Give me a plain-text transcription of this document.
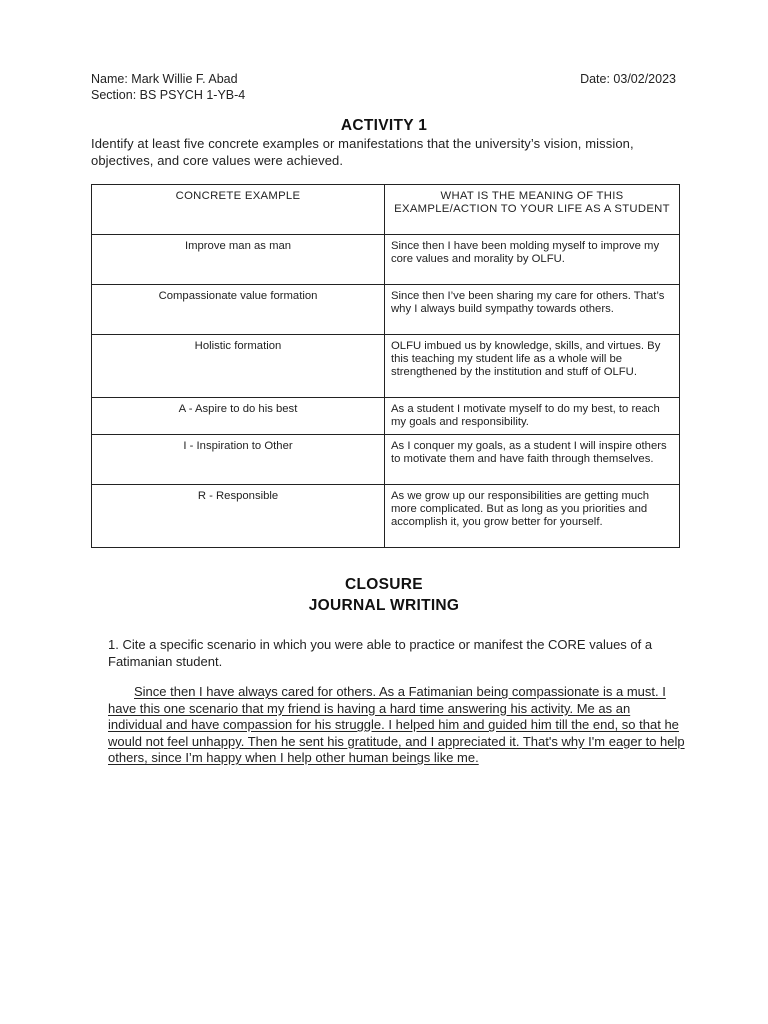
Name: Mark Willie F. Abad
Section: BS PSYCH 1-YB-4
Date: 03/02/2023
ACTIVITY 1
Identify at least five concrete examples or manifestations that the university’s vision, mission, objectives, and core values were achieved.
CONCRETE EXAMPLE	WHAT IS THE MEANING OF THIS EXAMPLE/ACTION TO YOUR LIFE AS A STUDENT
Improve man as man	Since then I have been molding myself to improve my core values and morality by OLFU.
Compassionate value formation	Since then I’ve been sharing my care for others. That’s why I always build sympathy towards others.
Holistic formation	OLFU imbued us by knowledge, skills, and virtues. By this teaching my student life as a whole will be strengthened by the institution and stuff of OLFU.
A - Aspire to do his best	As a student I motivate myself to do my best, to reach my goals and responsibility.
I - Inspiration to Other	As I conquer my goals, as a student I will inspire others to motivate them and have faith through themselves.
R - Responsible	As we grow up our responsibilities are getting much more complicated. But as long as you priorities and accomplish it, you grow better for yourself.
CLOSURE
JOURNAL WRITING
1. Cite a specific scenario in which you were able to practice or manifest the CORE values of a Fatimanian student.
Since then I have always cared for others. As a Fatimanian being compassionate is a must. I have this one scenario that my friend is having a hard time answering his activity. Me as an individual and have compassion for his struggle. I helped him and guided him till the end, so that he would not feel unhappy. Then he sent his gratitude, and I appreciated it. That's why I'm eager to help others, since I’m happy when I help other human beings like me.
